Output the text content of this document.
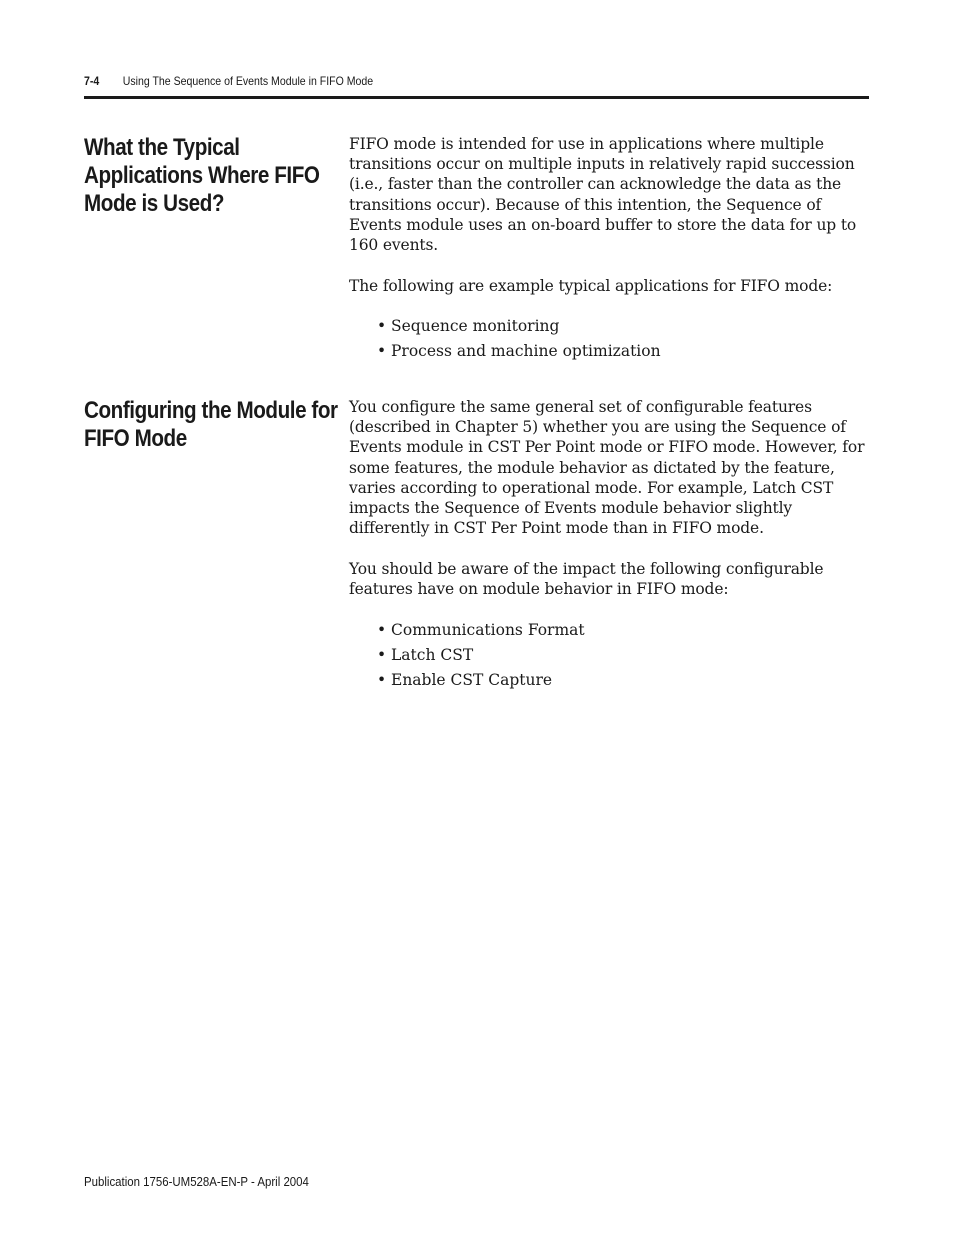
7-4 Using The Sequence of Events Module in FIFO Mode
What the Typical Applications Where FIFO Mode is Used?

FIFO mode is intended for use in applications where multiple transitions occur on multiple inputs in relatively rapid succession (i.e., faster than the controller can acknowledge the data as the transitions occur). Because of this intention, the Sequence of Events module uses an on-board buffer to store the data for up to 160 events.

The following are example typical applications for FIFO mode:

• Sequence monitoring
• Process and machine optimization
Configuring the Module for FIFO Mode

You configure the same general set of configurable features (described in Chapter 5) whether you are using the Sequence of Events module in CST Per Point mode or FIFO mode. However, for some features, the module behavior as dictated by the feature, varies according to operational mode. For example, Latch CST impacts the Sequence of Events module behavior slightly differently in CST Per Point mode than in FIFO mode.

You should be aware of the impact the following configurable features have on module behavior in FIFO mode:

• Communications Format
• Latch CST
• Enable CST Capture
Publication 1756-UM528A-EN-P - April 2004
